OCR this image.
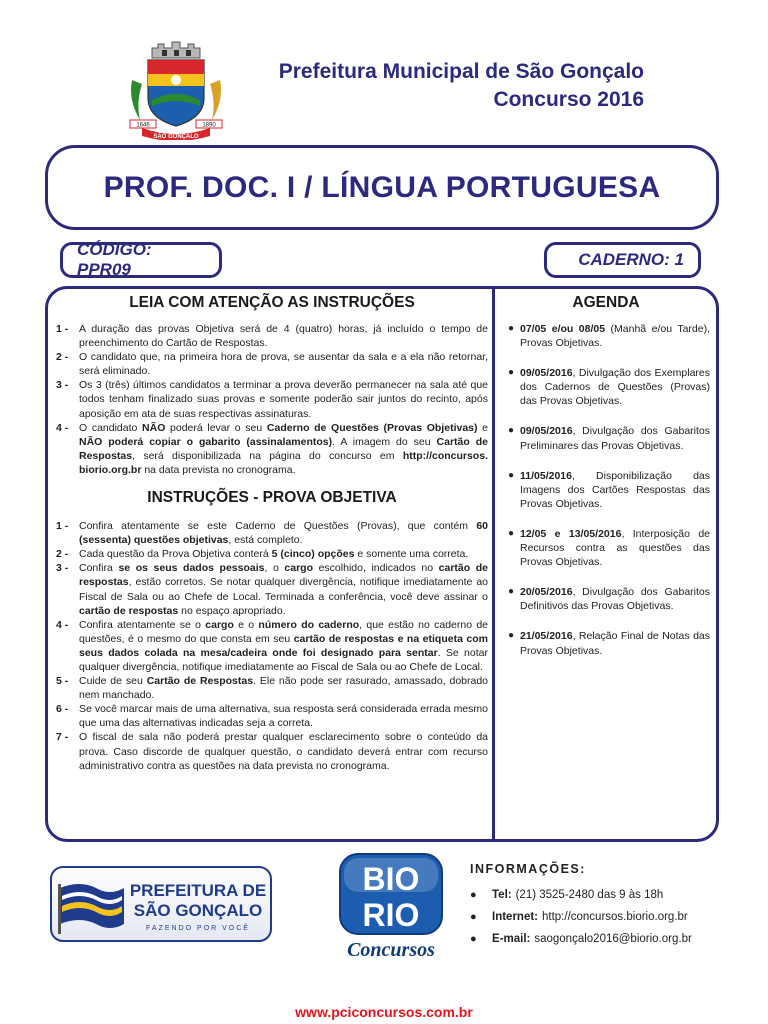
1646	1890
SÃO GONÇALO
Prefeitura Municipal de São Gonçalo
Concurso 2016
PROF. DOC. I / LÍNGUA PORTUGUESA
CÓDIGO: PPR09
CADERNO: 1
LEIA COM ATENÇÃO AS INSTRUÇÕES
1 -	A duração das provas Objetiva será de 4 (quatro) horas, já incluído o tempo de preenchimento do Cartão de Respostas.
2 -	O candidato que, na primeira hora de prova, se ausentar da sala e a ela não retornar, será eliminado.
3 -	Os 3 (três) últimos candidatos a terminar a prova deverão permanecer na sala até que todos tenham finalizado suas provas e somente poderão sair juntos do recinto, após aposição em ata de suas respectivas assinaturas.
4 -	O candidato NÃO poderá levar o seu Caderno de Questões (Provas Objetivas) e NÃO poderá copiar o gabarito (assinalamentos). A imagem do seu Cartão de Respostas, será disponibilizada na página do concurso em http://concursos. biorio.org.br na data prevista no cronograma.
INSTRUÇÕES - PROVA OBJETIVA
1 -	Confira atentamente se este Caderno de Questões (Provas), que contém 60 (sessenta) questões objetivas, está completo.
2 -	Cada questão da Prova Objetiva conterá 5 (cinco) opções e somente uma correta.
3 -	Confira se os seus dados pessoais, o cargo escolhido, indicados no cartão de respostas, estão corretos. Se notar qualquer divergência, notifique imediatamente ao Fiscal de Sala ou ao Chefe de Local. Terminada a conferência, você deve assinar o cartão de respostas no espaço apropriado.
4 -	Confira atentamente se o cargo e o número do caderno, que estão no caderno de questões, é o mesmo do que consta em seu cartão de respostas e na etiqueta com seus dados colada na mesa/cadeira onde foi designado para sentar. Se notar qualquer divergência, notifique imediatamente ao Fiscal de Sala ou ao Chefe de Local.
5 -	Cuide de seu Cartão de Respostas. Ele não pode ser rasurado, amassado, dobrado nem manchado.
6 -	Se você marcar mais de uma alternativa, sua resposta será considerada errada mesmo que uma das alternativas indicadas seja a correta.
7 -	O fiscal de sala não poderá prestar qualquer esclarecimento sobre o conteúdo da prova. Caso discorde de qualquer questão, o candidato deverá entrar com recurso administrativo contra as questões na data prevista no cronograma.
AGENDA
● 07/05 e/ou 08/05 (Manhã e/ou Tarde), Provas Objetivas.
● 09/05/2016, Divulgação dos Exemplares dos Cadernos de Questões (Provas) das Provas Objetivas.
● 09/05/2016, Divulgação dos Gabaritos Preliminares das Provas Objetivas.
● 11/05/2016, Disponibilização das Imagens dos Cartões Respostas das Provas Objetivas.
● 12/05 e 13/05/2016, Interposição de Recursos contra as questões das Provas Objetivas.
● 20/05/2016, Divulgação dos Gabaritos Definitivos das Provas Objetivas.
● 21/05/2016, Relação Final de Notas das Provas Objetivas.
PREFEITURA DE
SÃO GONÇALO
FAZENDO POR VOCÊ
BIO
RIO
Concursos
INFORMAÇÕES:
●	Tel: (21) 3525-2480 das 9 às 18h
●	Internet: http://concursos.biorio.org.br
●	E-mail: saogonçalo2016@biorio.org.br
www.pciconcursos.com.br
